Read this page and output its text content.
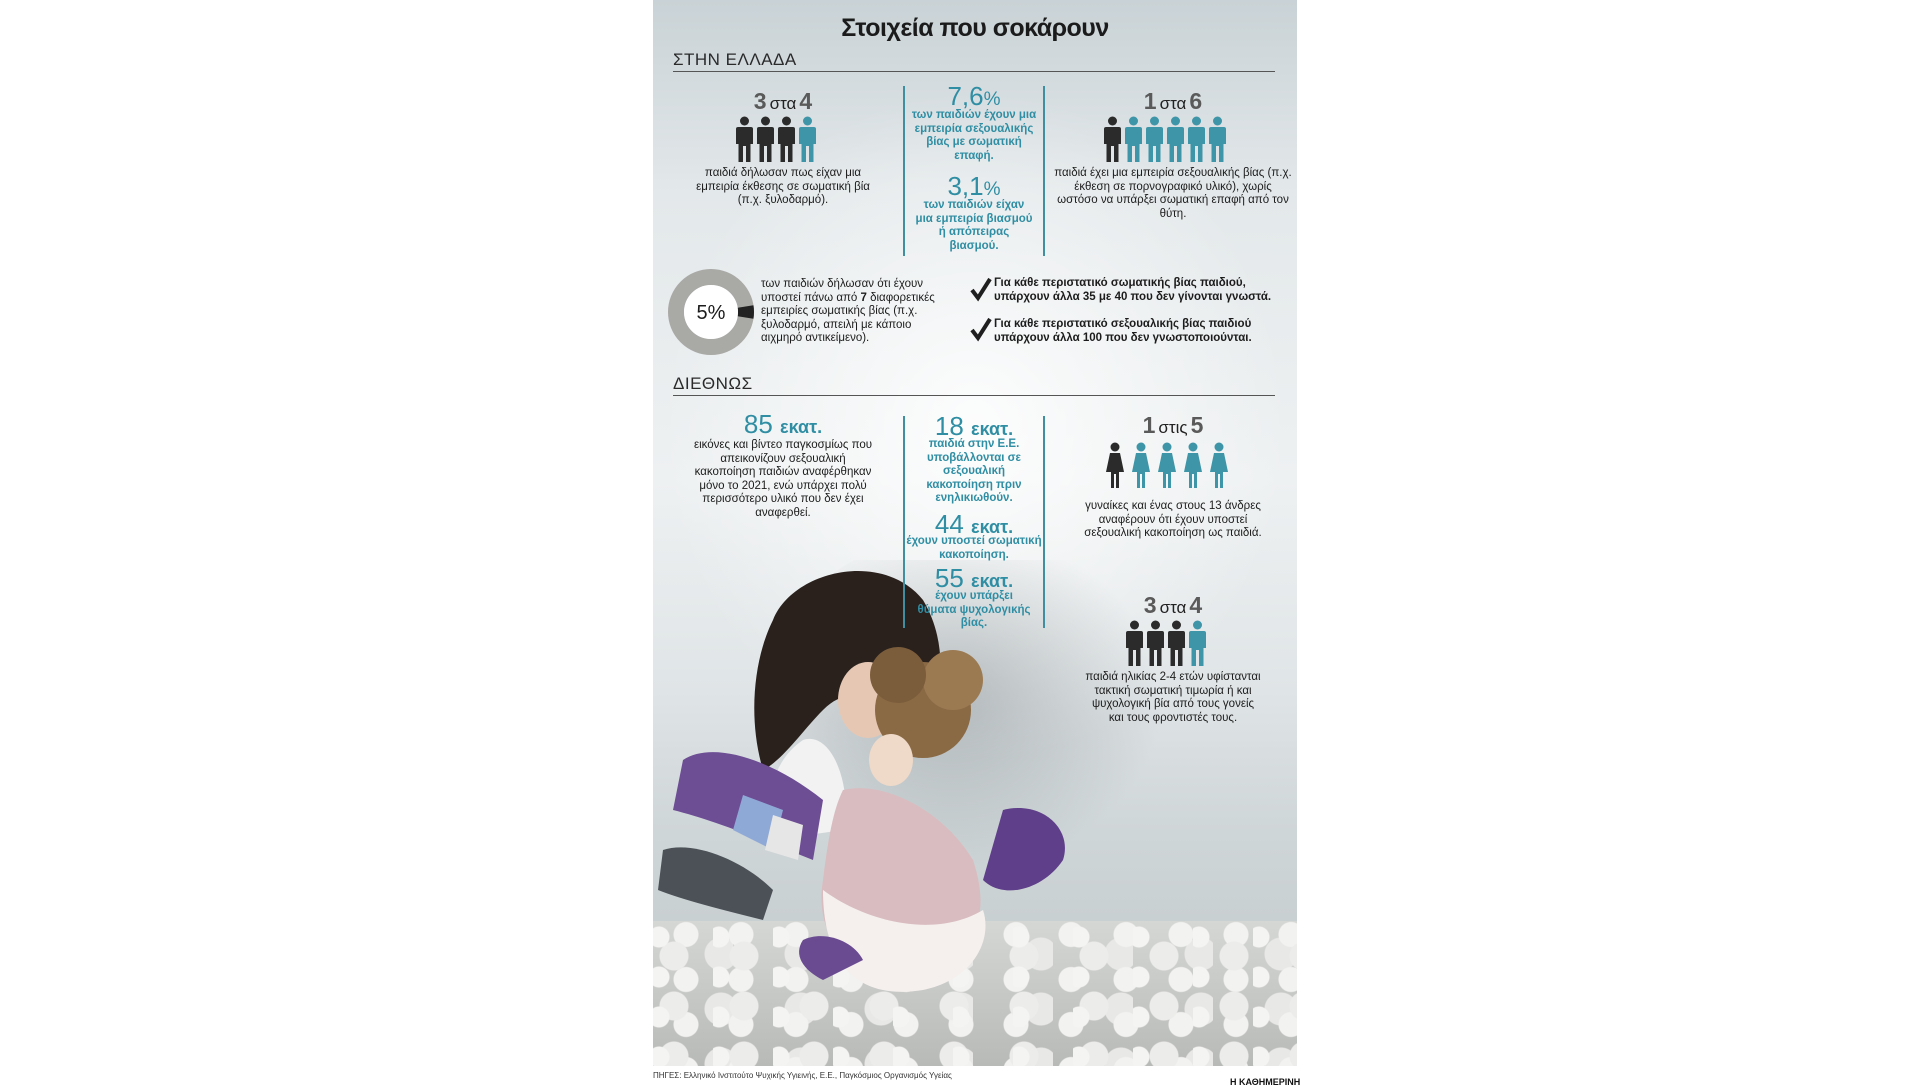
Στοιχεία που σοκάρουν
ΣΤΗΝ ΕΛΛΑΔΑ
3 στα 4
παιδιά δήλωσαν πως είχαν μια εμπειρία έκθεσης σε σωματική βία (π.χ. ξυλοδαρμό).
7,6%
των παιδιών έχουν μια εμπειρία σεξουαλικής βίας με σωματική επαφή.
3,1%
των παιδιών είχαν μια εμπειρία βιασμού ή απόπειρας βιασμού.
1 στα 6
παιδιά έχει μια εμπειρία σεξουαλικής βίας (π.χ. έκθεση σε πορνογραφικό υλικό), χωρίς ωστόσο να υπάρξει σωματική επαφή από τον θύτη.
5%
των παιδιών δήλωσαν ότι έχουν υποστεί πάνω από 7 διαφορετικές εμπειρίες σωματικής βίας (π.χ. ξυλοδαρμό, απειλή με κάποιο αιχμηρό αντικείμενο).
Για κάθε περιστατικό σωματικής βίας παιδιού, υπάρχουν άλλα 35 με 40 που δεν γίνονται γνωστά.
Για κάθε περιστατικό σεξουαλικής βίας παιδιού υπάρχουν άλλα 100 που δεν γνωστοποιούνται.
ΔΙΕΘΝΩΣ
85 εκατ.
εικόνες και βίντεο παγκοσμίως που απεικονίζουν σεξουαλική κακοποίηση παιδιών αναφέρθηκαν μόνο το 2021, ενώ υπάρχει πολύ περισσότερο υλικό που δεν έχει αναφερθεί.
18 εκατ.
παιδιά στην Ε.Ε. υποβάλλονται σε σεξουαλική κακοποίηση πριν ενηλικιωθούν.
44 εκατ.
έχουν υποστεί σωματική κακοποίηση.
55 εκατ.
έχουν υπάρξει θύματα ψυχολογικής βίας.
1 στις 5
γυναίκες και ένας στους 13 άνδρες αναφέρουν ότι έχουν υποστεί σεξουαλική κακοποίηση ως παιδιά.
3 στα 4
παιδιά ηλικίας 2-4 ετών υφίστανται τακτική σωματική τιμωρία ή και ψυχολογική βία από τους γονείς και τους φροντιστές τους.
ΠΗΓΕΣ: Ελληνικό Ινστιτούτο Ψυχικής Υγιεινής, Ε.Ε., Παγκόσμιος Οργανισμός Υγείας
Η ΚΑΘΗΜΕΡΙΝΗ
